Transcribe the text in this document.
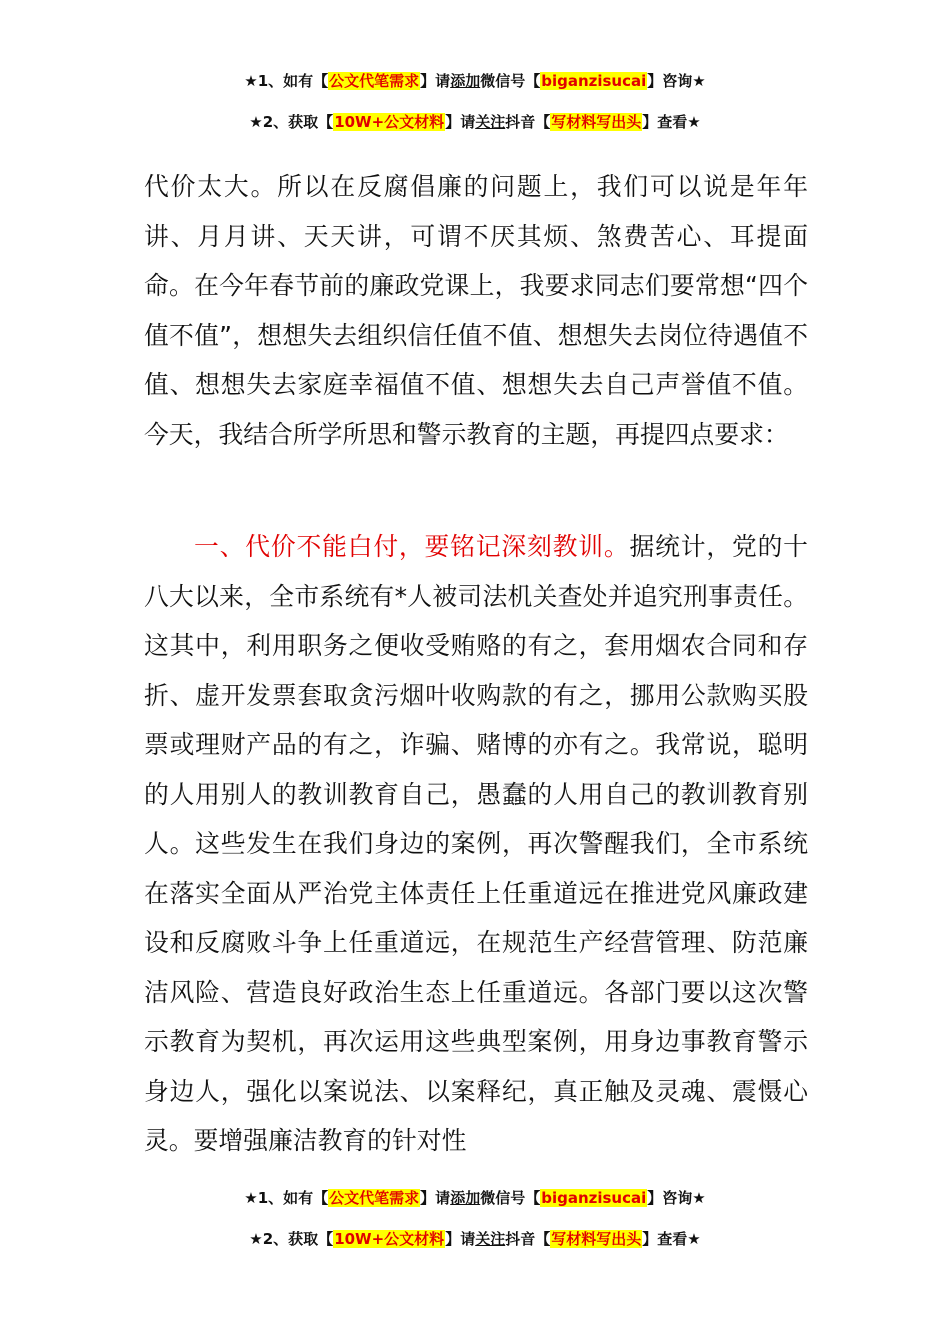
★1、如有【公文代笔需求】请添加微信号【biganzisucai】咨询★
★2、获取【10W+公文材料】请关注抖音【写材料写出头】查看★

代价太大。所以在反腐倡廉的问题上，我们可以说是年年讲、月月讲、天天讲，可谓不厌其烦、煞费苦心、耳提面命。在今年春节前的廉政党课上，我要求同志们要常想“四个值不值”，想想失去组织信任值不值、想想失去岗位待遇值不值、想想失去家庭幸福值不值、想想失去自己声誉值不值。今天，我结合所学所思和警示教育的主题，再提四点要求：

一、代价不能白付，要铭记深刻教训。据统计，党的十八大以来，全市系统有*人被司法机关查处并追究刑事责任。这其中，利用职务之便收受贿赂的有之，套用烟农合同和存折、虚开发票套取贪污烟叶收购款的有之，挪用公款购买股票或理财产品的有之，诈骗、赌博的亦有之。我常说，聪明的人用别人的教训教育自己，愚蠢的人用自己的教训教育别人。这些发生在我们身边的案例，再次警醒我们，全市系统在落实全面从严治党主体责任上任重道远在推进党风廉政建设和反腐败斗争上任重道远，在规范生产经营管理、防范廉洁风险、营造良好政治生态上任重道远。各部门要以这次警示教育为契机，再次运用这些典型案例，用身边事教育警示身边人，强化以案说法、以案释纪，真正触及灵魂、震慑心灵。要增强廉洁教育的针对性

★1、如有【公文代笔需求】请添加微信号【biganzisucai】咨询★
★2、获取【10W+公文材料】请关注抖音【写材料写出头】查看★
